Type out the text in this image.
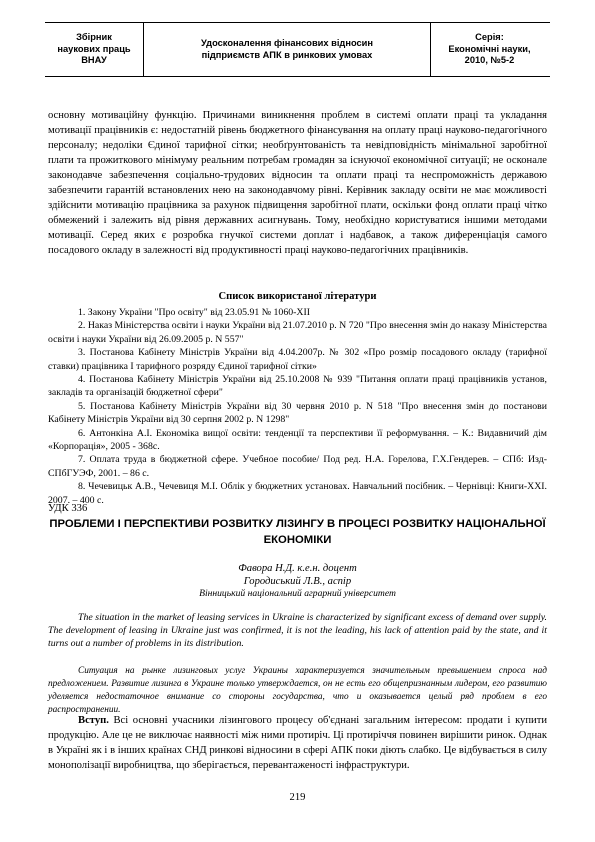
Збірник
наукових праць
ВНАУ
Удосконалення фінансових відносин
підприємств АПК в ринкових умовах
Серія:
Економічні науки,
2010, №5-2

основну мотиваційну функцію. Причинами виникнення проблем в системі оплати праці та укладання мотивації працівників є: недостатній рівень бюджетного фінансування на оплату праці науково-педагогічного персоналу; недоліки Єдиної тарифної сітки; необґрунтованість та невідповідність мінімальної заробітної плати та прожиткового мінімуму реальним потребам громадян за існуючої економічної ситуації; не осконале законодавче забезпечення соціально-трудових відносин та оплати праці та неспроможність державою забезпечити гарантій встановлених нею на законодавчому рівні. Керівник закладу освіти не має можливості здійснити мотивацію працівника за рахунок підвищення заробітної плати, оскільки фонд оплати праці чітко обмежений і залежить від рівня державних асигнувань. Тому, необхідно користуватися іншими методами мотивації. Серед яких є розробка гнучкої системи доплат і надбавок, а також диференціація самого посадового окладу в залежності від продуктивності праці науково-педагогічних працівників.

Список використаної літератури

1. Закону України "Про освіту" від 23.05.91 № 1060-XII
2. Наказ Міністерства освіти і науки України від 21.07.2010 р. N 720 "Про внесення змін до наказу Міністерства освіти і науки України від 26.09.2005 р. N 557"
3. Постанова Кабінету Міністрів України від 4.04.2007р. № 302 «Про розмір посадового окладу (тарифної ставки) працівника I тарифного розряду Єдиної тарифної сітки»
4. Постанова Кабінету Міністрів України від 25.10.2008 № 939 "Питання оплати праці працівників установ, закладів та організацій бюджетної сфери"
5. Постанова Кабінету Міністрів України від 30 червня 2010 р. N 518 "Про внесення змін до постанови Кабінету Міністрів України від 30 серпня 2002 р. N 1298"
6. Антонкіна А.І. Економіка вищої освіти: тенденції та перспективи її реформування. – К.: Видавничий дім «Корпорація», 2005 - 368с.
7. Оплата труда в бюджетной сфере. Учебное пособие/ Под ред. Н.А. Горелова, Г.Х.Гендерев. – СПб: Изд-СПбГУЭФ, 2001. – 86 с.
8. Чечевицьк А.В., Чечевиця М.І. Облік у бюджетних установах. Навчальний посібник. – Чернівці: Книги-ХХІ. 2007. – 400 с.
УДК 336

ПРОБЛЕМИ І ПЕРСПЕКТИВИ РОЗВИТКУ ЛІЗИНГУ В ПРОЦЕСІ РОЗВИТКУ НАЦІОНАЛЬНОЇ ЕКОНОМІКИ

Фавора Н.Д. к.е.н. доцент
Городиський Л.В., аспір
Вінницький національний аграрний університет

The situation in the market of leasing services in Ukraine is characterized by significant excess of demand over supply. The development of leasing in Ukraine just was confirmed, it is not the leading, his lack of attention paid by the state, and it turns out a number of problems in its distribution.

Ситуация на рынке лизинговых услуг Украины характеризуется значительным превышением спроса над предложением. Развитие лизинга в Украине только утверждается, он не есть его общепризнанным лидером, его развитию уделяется недостаточное внимание со стороны государства, что и оказывается целый ряд проблем в его распространении.

Вступ. Всі основні учасники лізингового процесу об'єднані загальним інтересом: продати і купити продукцію. Але це не виключає наявності між ними протиріч. Ці протиріччя повинен вирішити ринок. Однак в Україні як і в інших країнах СНД ринкові відносини в сфері АПК поки діють слабко. Це відбувається в силу монополізації виробництва, що зберігається, перевантаженості інфраструктури.

219
